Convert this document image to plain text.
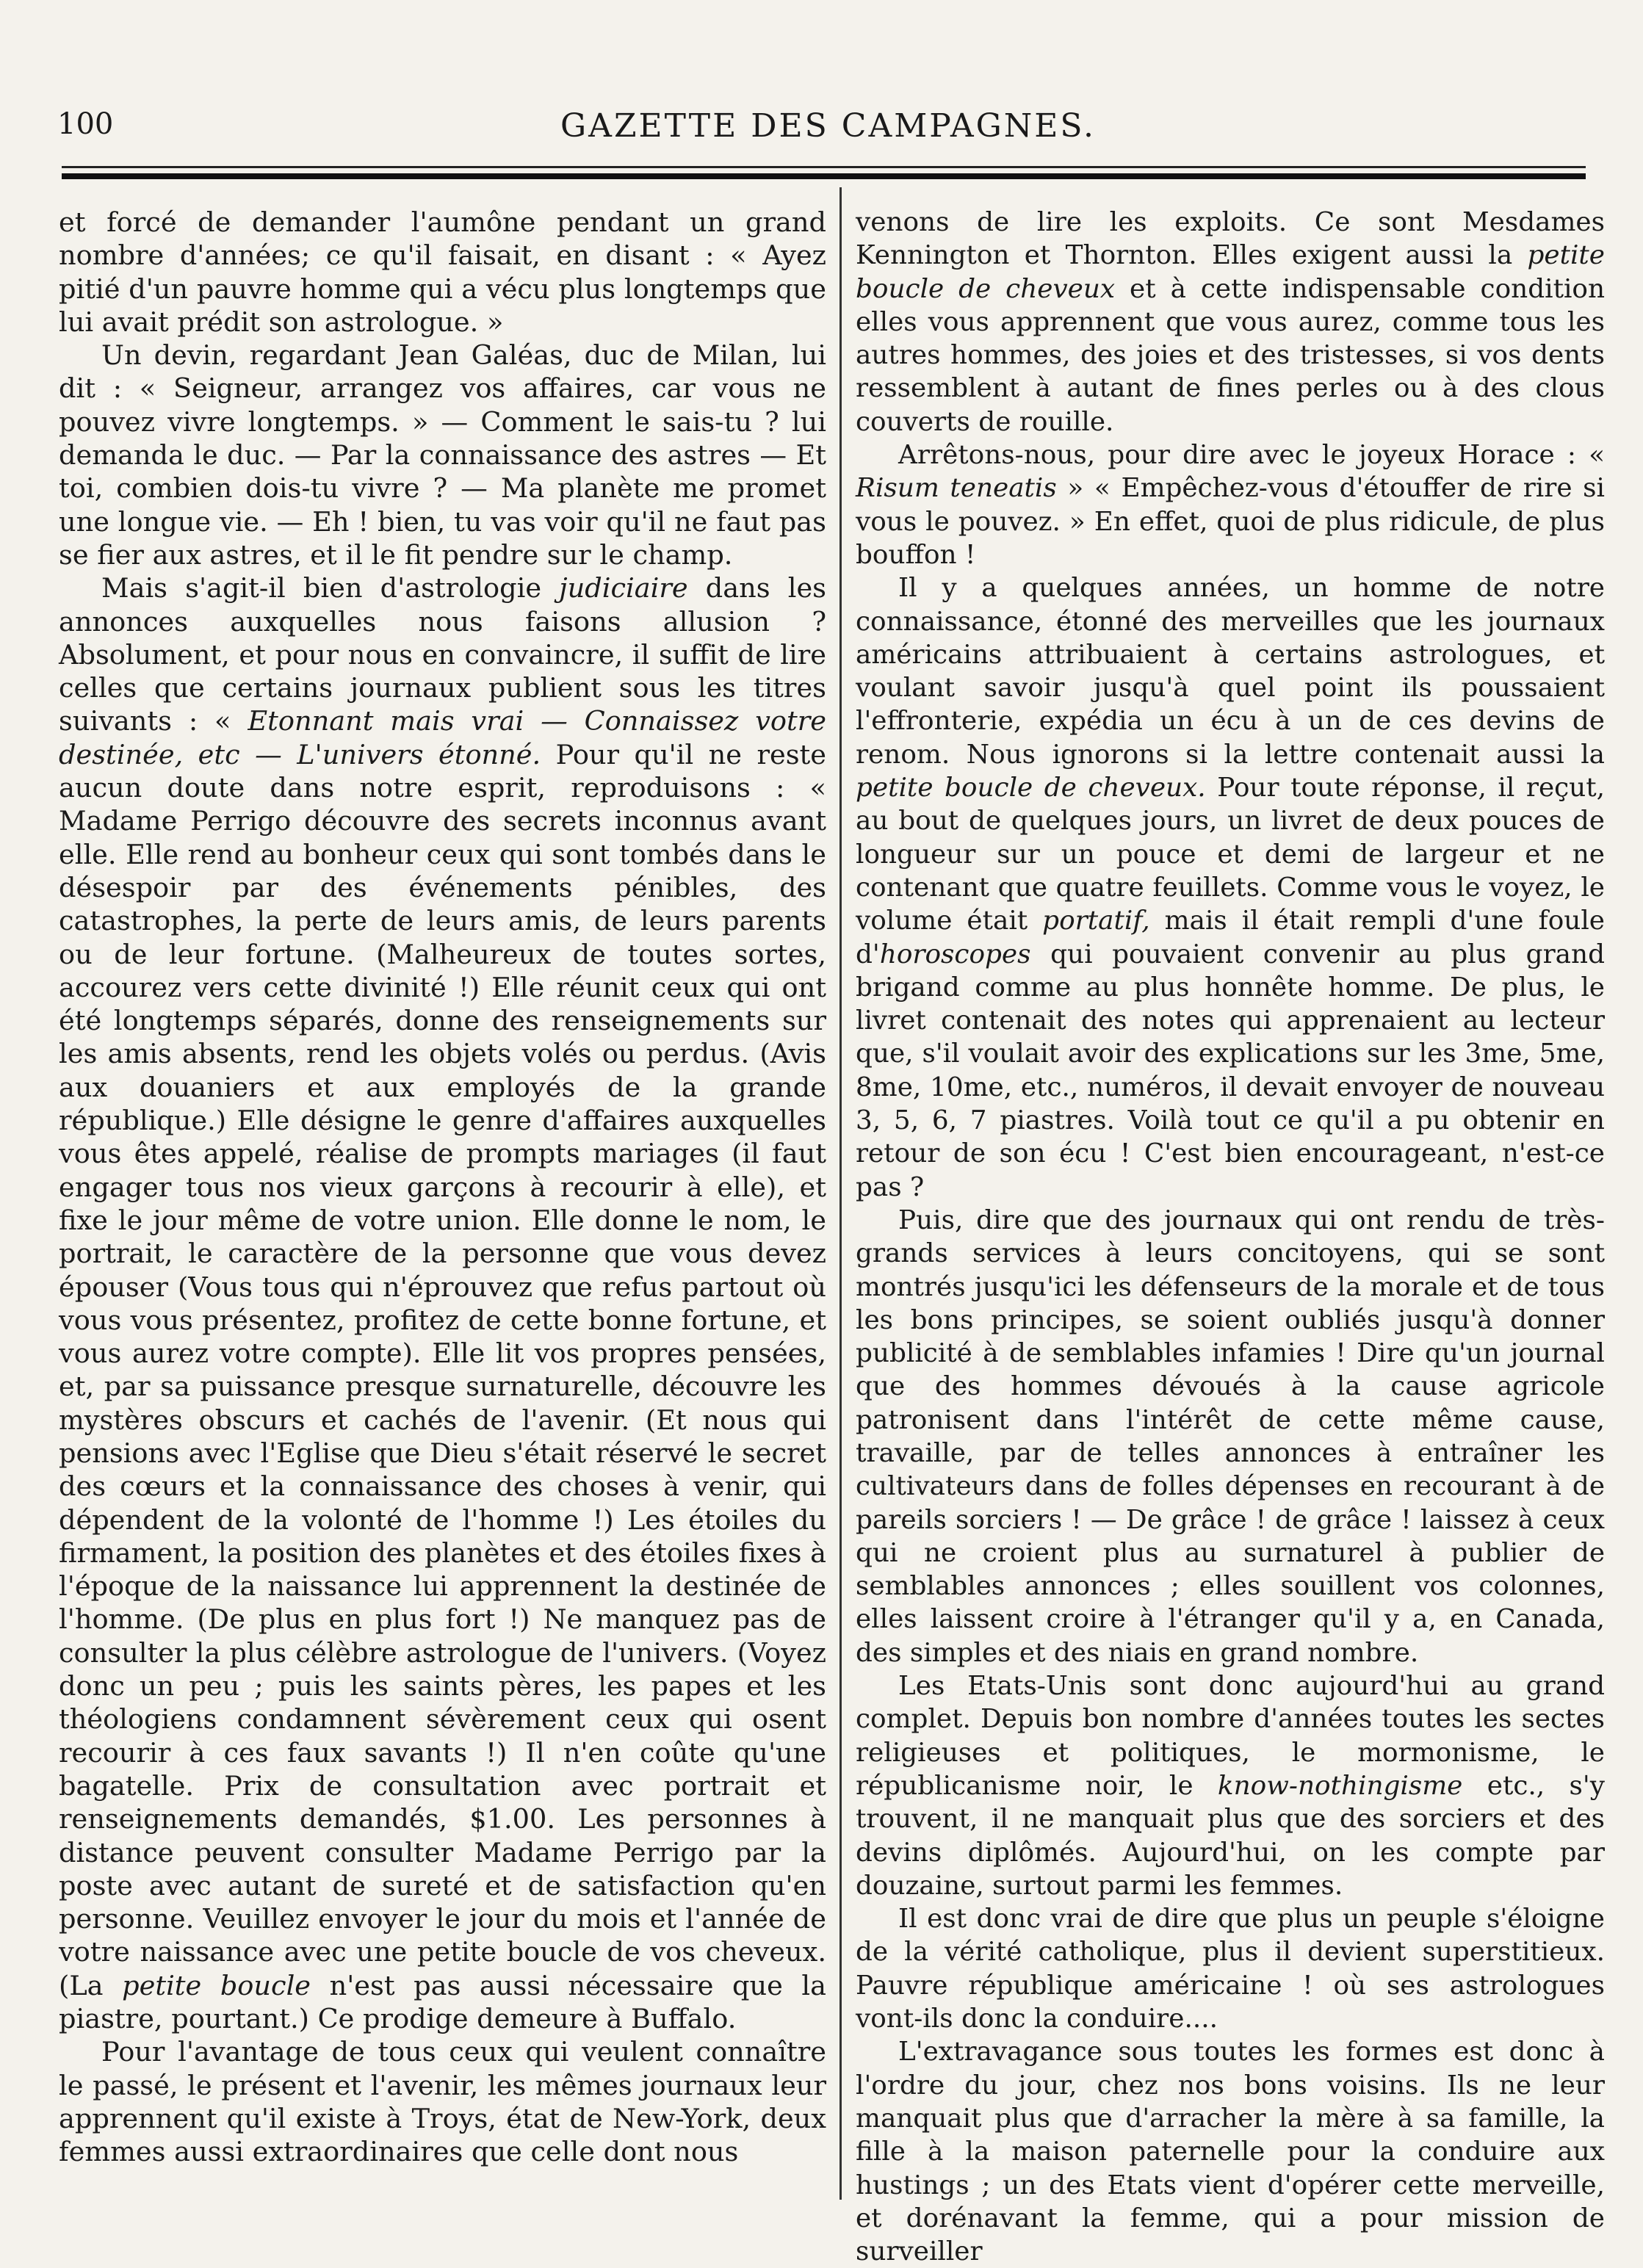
100	GAZETTE DES CAMPAGNES.

et forcé de demander l'aumône pendant un grand nombre d'années; ce qu'il faisait, en disant : « Ayez pitié d'un pauvre homme qui a vécu plus longtemps que lui avait prédit son astrologue. »

Un devin, regardant Jean Galéas, duc de Milan, lui dit : « Seigneur, arrangez vos affaires, car vous ne pouvez vivre longtemps. » — Comment le sais-tu ? lui demanda le duc. — Par la connaissance des astres — Et toi, combien dois-tu vivre ? — Ma planète me promet une longue vie. — Eh ! bien, tu vas voir qu'il ne faut pas se fier aux astres, et il le fit pendre sur le champ.

Mais s'agit-il bien d'astrologie judiciaire dans les annonces auxquelles nous faisons allusion ? Absolument, et pour nous en convaincre, il suffit de lire celles que certains journaux publient sous les titres suivants : « Etonnant mais vrai — Connaissez votre destinée, etc — L'univers étonné. Pour qu'il ne reste aucun doute dans notre esprit, reproduisons : « Madame Perrigo découvre des secrets inconnus avant elle. Elle rend au bonheur ceux qui sont tombés dans le désespoir par des événements pénibles, des catastrophes, la perte de leurs amis, de leurs parents ou de leur fortune. (Malheureux de toutes sortes, accourez vers cette divinité !) Elle réunit ceux qui ont été longtemps séparés, donne des renseignements sur les amis absents, rend les objets volés ou perdus. (Avis aux douaniers et aux employés de la grande république.) Elle désigne le genre d'affaires auxquelles vous êtes appelé, réalise de prompts mariages (il faut engager tous nos vieux garçons à recourir à elle), et fixe le jour même de votre union. Elle donne le nom, le portrait, le caractère de la personne que vous devez épouser (Vous tous qui n'éprouvez que refus partout où vous vous présentez, profitez de cette bonne fortune, et vous aurez votre compte). Elle lit vos propres pensées, et, par sa puissance presque surnaturelle, découvre les mystères obscurs et cachés de l'avenir. (Et nous qui pensions avec l'Eglise que Dieu s'était réservé le secret des cœurs et la connaissance des choses à venir, qui dépendent de la volonté de l'homme !) Les étoiles du firmament, la position des planètes et des étoiles fixes à l'époque de la naissance lui apprennent la destinée de l'homme. (De plus en plus fort !) Ne manquez pas de consulter la plus célèbre astrologue de l'univers. (Voyez donc un peu ; puis les saints pères, les papes et les théologiens condamnent sévèrement ceux qui osent recourir à ces faux savants !) Il n'en coûte qu'une bagatelle. Prix de consultation avec portrait et renseignements demandés, $1.00. Les personnes à distance peuvent consulter Madame Perrigo par la poste avec autant de sureté et de satisfaction qu'en personne. Veuillez envoyer le jour du mois et l'année de votre naissance avec une petite boucle de vos cheveux. (La petite boucle n'est pas aussi nécessaire que la piastre, pourtant.) Ce prodige demeure à Buffalo.

Pour l'avantage de tous ceux qui veulent connaître le passé, le présent et l'avenir, les mêmes journaux leur apprennent qu'il existe à Troys, état de New-York, deux femmes aussi extraordinaires que celle dont nous

venons de lire les exploits. Ce sont Mesdames Kennington et Thornton. Elles exigent aussi la petite boucle de cheveux et à cette indispensable condition elles vous apprennent que vous aurez, comme tous les autres hommes, des joies et des tristesses, si vos dents ressemblent à autant de fines perles ou à des clous couverts de rouille.

Arrêtons-nous, pour dire avec le joyeux Horace : « Risum teneatis » « Empêchez-vous d'étouffer de rire si vous le pouvez. » En effet, quoi de plus ridicule, de plus bouffon !

Il y a quelques années, un homme de notre connaissance, étonné des merveilles que les journaux américains attribuaient à certains astrologues, et voulant savoir jusqu'à quel point ils poussaient l'effronterie, expédia un écu à un de ces devins de renom. Nous ignorons si la lettre contenait aussi la petite boucle de cheveux. Pour toute réponse, il reçut, au bout de quelques jours, un livret de deux pouces de longueur sur un pouce et demi de largeur et ne contenant que quatre feuillets. Comme vous le voyez, le volume était portatif, mais il était rempli d'une foule d'horoscopes qui pouvaient convenir au plus grand brigand comme au plus honnête homme. De plus, le livret contenait des notes qui apprenaient au lecteur que, s'il voulait avoir des explications sur les 3me, 5me, 8me, 10me, etc., numéros, il devait envoyer de nouveau 3, 5, 6, 7 piastres. Voilà tout ce qu'il a pu obtenir en retour de son écu ! C'est bien encourageant, n'est-ce pas ?

Puis, dire que des journaux qui ont rendu de très-grands services à leurs concitoyens, qui se sont montrés jusqu'ici les défenseurs de la morale et de tous les bons principes, se soient oubliés jusqu'à donner publicité à de semblables infamies ! Dire qu'un journal que des hommes dévoués à la cause agricole patronisent dans l'intérêt de cette même cause, travaille, par de telles annonces à entraîner les cultivateurs dans de folles dépenses en recourant à de pareils sorciers ! — De grâce ! de grâce ! laissez à ceux qui ne croient plus au surnaturel à publier de semblables annonces ; elles souillent vos colonnes, elles laissent croire à l'étranger qu'il y a, en Canada, des simples et des niais en grand nombre.

Les Etats-Unis sont donc aujourd'hui au grand complet. Depuis bon nombre d'années toutes les sectes religieuses et politiques, le mormonisme, le républicanisme noir, le know-nothingisme etc., s'y trouvent, il ne manquait plus que des sorciers et des devins diplômés. Aujourd'hui, on les compte par douzaine, surtout parmi les femmes.

Il est donc vrai de dire que plus un peuple s'éloigne de la vérité catholique, plus il devient superstitieux. Pauvre république américaine ! où ses astrologues vont-ils donc la conduire....

L'extravagance sous toutes les formes est donc à l'ordre du jour, chez nos bons voisins. Ils ne leur manquait plus que d'arracher la mère à sa famille, la fille à la maison paternelle pour la conduire aux hustings ; un des Etats vient d'opérer cette merveille, et dorénavant la femme, qui a pour mission de surveiller
